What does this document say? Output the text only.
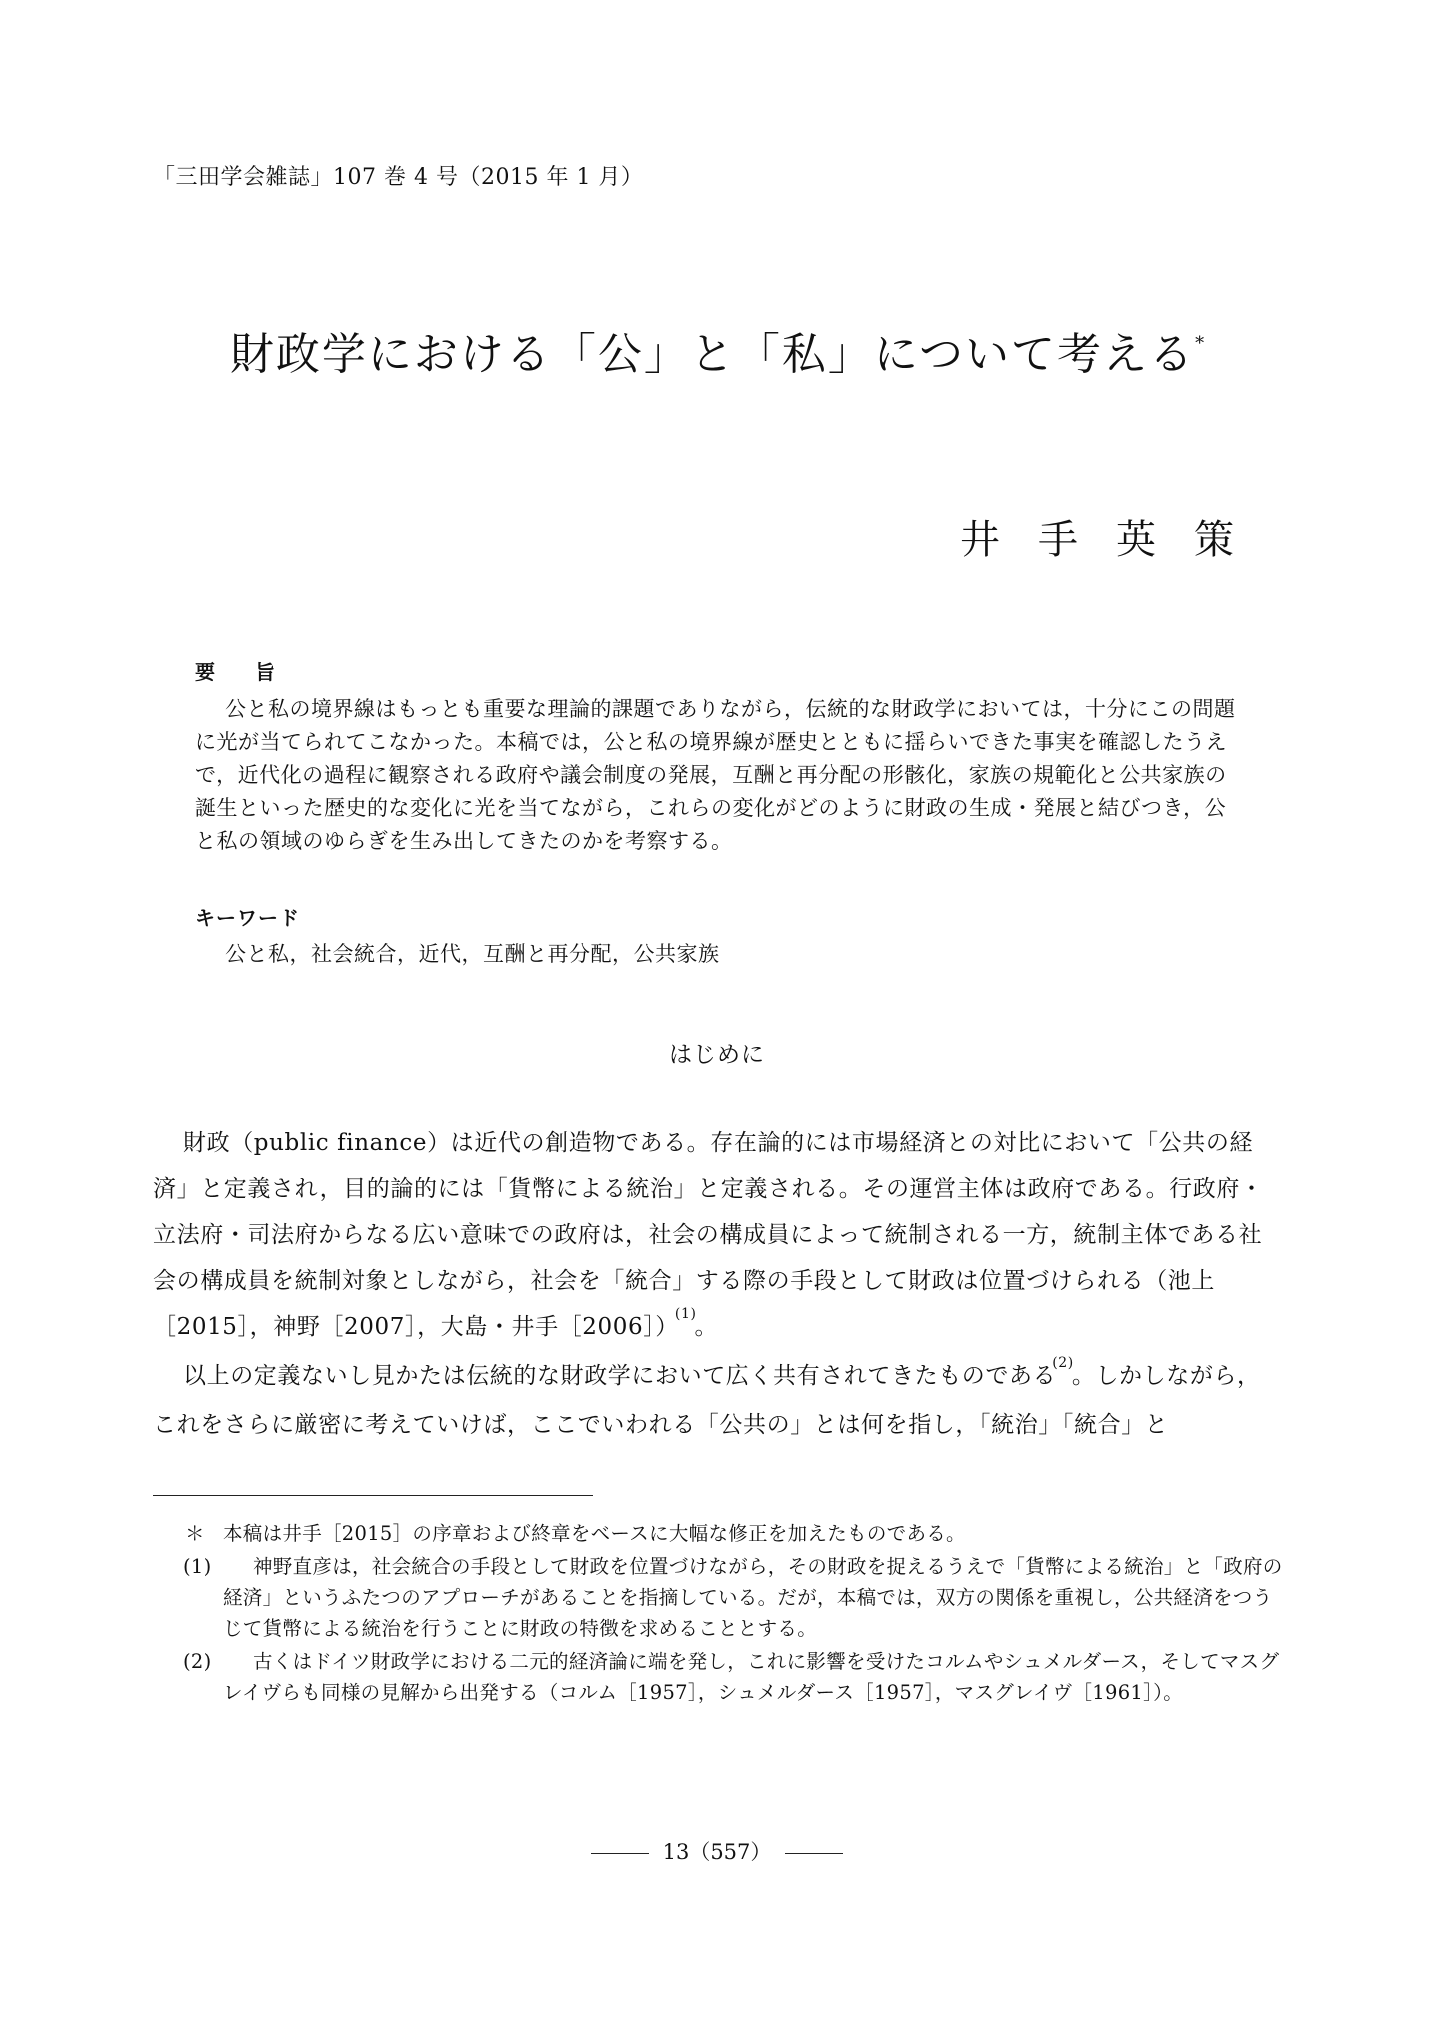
「三田学会雑誌」107 巻 4 号（2015 年 1 月）
財政学における「公」と「私」について考える*
井 手 英 策
要旨
公と私の境界線はもっとも重要な理論的課題でありながら，伝統的な財政学においては，十分にこの問題に光が当てられてこなかった。本稿では，公と私の境界線が歴史とともに揺らいできた事実を確認したうえで，近代化の過程に観察される政府や議会制度の発展，互酬と再分配の形骸化，家族の規範化と公共家族の誕生といった歴史的な変化に光を当てながら，これらの変化がどのように財政の生成・発展と結びつき，公と私の領域のゆらぎを生み出してきたのかを考察する。
キーワード
公と私，社会統合，近代，互酬と再分配，公共家族
はじめに

財政（public finance）は近代の創造物である。存在論的には市場経済との対比において「公共の経済」と定義され，目的論的には「貨幣による統治」と定義される。その運営主体は政府である。行政府・立法府・司法府からなる広い意味での政府は，社会の構成員によって統制される一方，統制主体である社会の構成員を統制対象としながら，社会を「統合」する際の手段として財政は位置づけられる（池上［2015］，神野［2007］，大島・井手［2006］）$^{(1)}$。

以上の定義ないし見かたは伝統的な財政学において広く共有されてきたものである$^{(2)}$。しかしながら，これをさらに厳密に考えていけば，ここでいわれる「公共の」とは何を指し，「統治」「統合」と

＊ 本稿は井手［2015］の序章および終章をベースに大幅な修正を加えたものである。
(1)	神野直彦は，社会統合の手段として財政を位置づけながら，その財政を捉えるうえで「貨幣による統治」と「政府の経済」というふたつのアプローチがあることを指摘している。だが，本稿では，双方の関係を重視し，公共経済をつうじて貨幣による統治を行うことに財政の特徴を求めることとする。
(2)	古くはドイツ財政学における二元的経済論に端を発し，これに影響を受けたコルムやシュメルダース，そしてマスグレイヴらも同様の見解から出発する（コルム［1957］，シュメルダース［1957］，マスグレイヴ［1961］）。
13（557）
